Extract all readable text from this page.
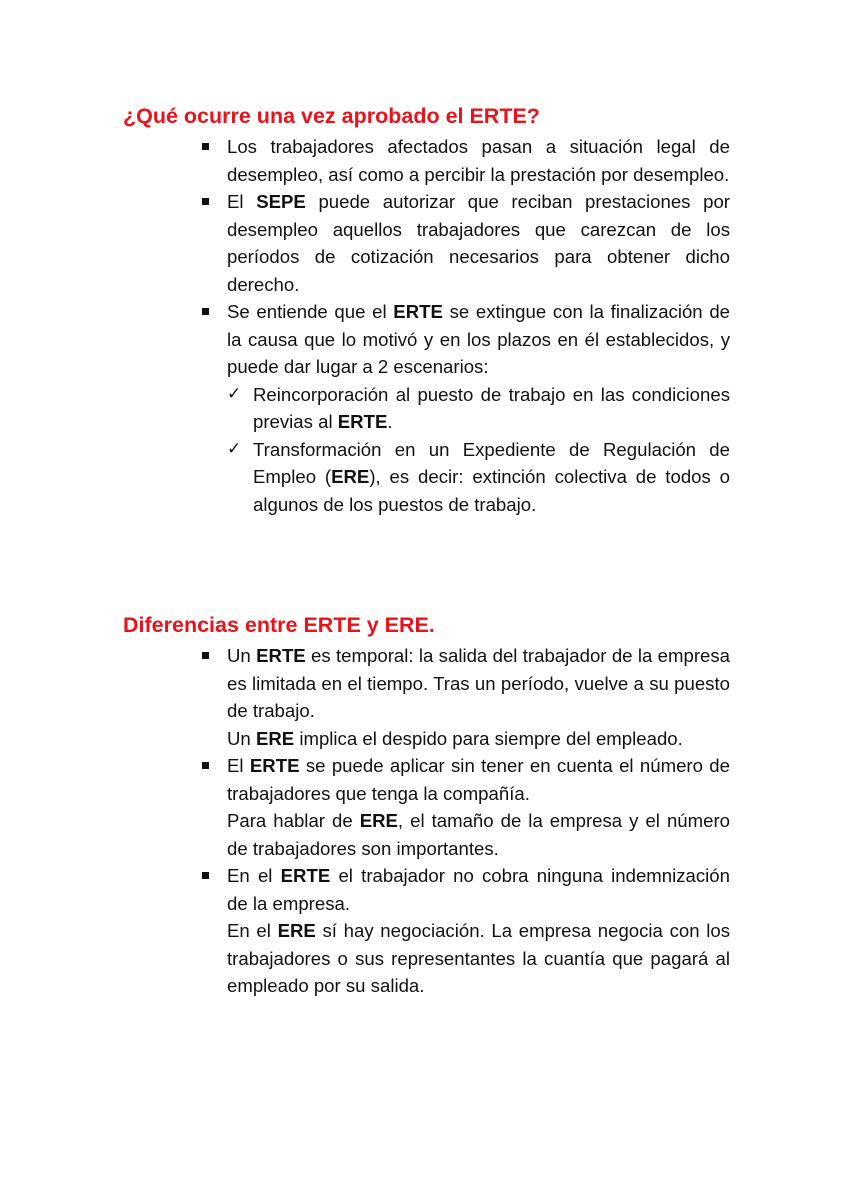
¿Qué ocurre una vez aprobado el ERTE?
Los trabajadores afectados pasan a situación legal de desempleo, así como a percibir la prestación por desempleo.
El SEPE puede autorizar que reciban prestaciones por desempleo aquellos trabajadores que carezcan de los períodos de cotización necesarios para obtener dicho derecho.
Se entiende que el ERTE se extingue con la finalización de la causa que lo motivó y en los plazos en él establecidos, y puede dar lugar a 2 escenarios:
✓ Reincorporación al puesto de trabajo en las condiciones previas al ERTE.
✓ Transformación en un Expediente de Regulación de Empleo (ERE), es decir: extinción colectiva de todos o algunos de los puestos de trabajo.
Diferencias entre ERTE y ERE.

Un ERTE es temporal: la salida del trabajador de la empresa es limitada en el tiempo. Tras un período, vuelve a su puesto de trabajo.

Un ERE implica el despido para siempre del empleado.

El ERTE se puede aplicar sin tener en cuenta el número de trabajadores que tenga la compañía.

Para hablar de ERE, el tamaño de la empresa y el número de trabajadores son importantes.

En el ERTE el trabajador no cobra ninguna indemnización de la empresa.

En el ERE sí hay negociación. La empresa negocia con los trabajadores o sus representantes la cuantía que pagará al empleado por su salida.
